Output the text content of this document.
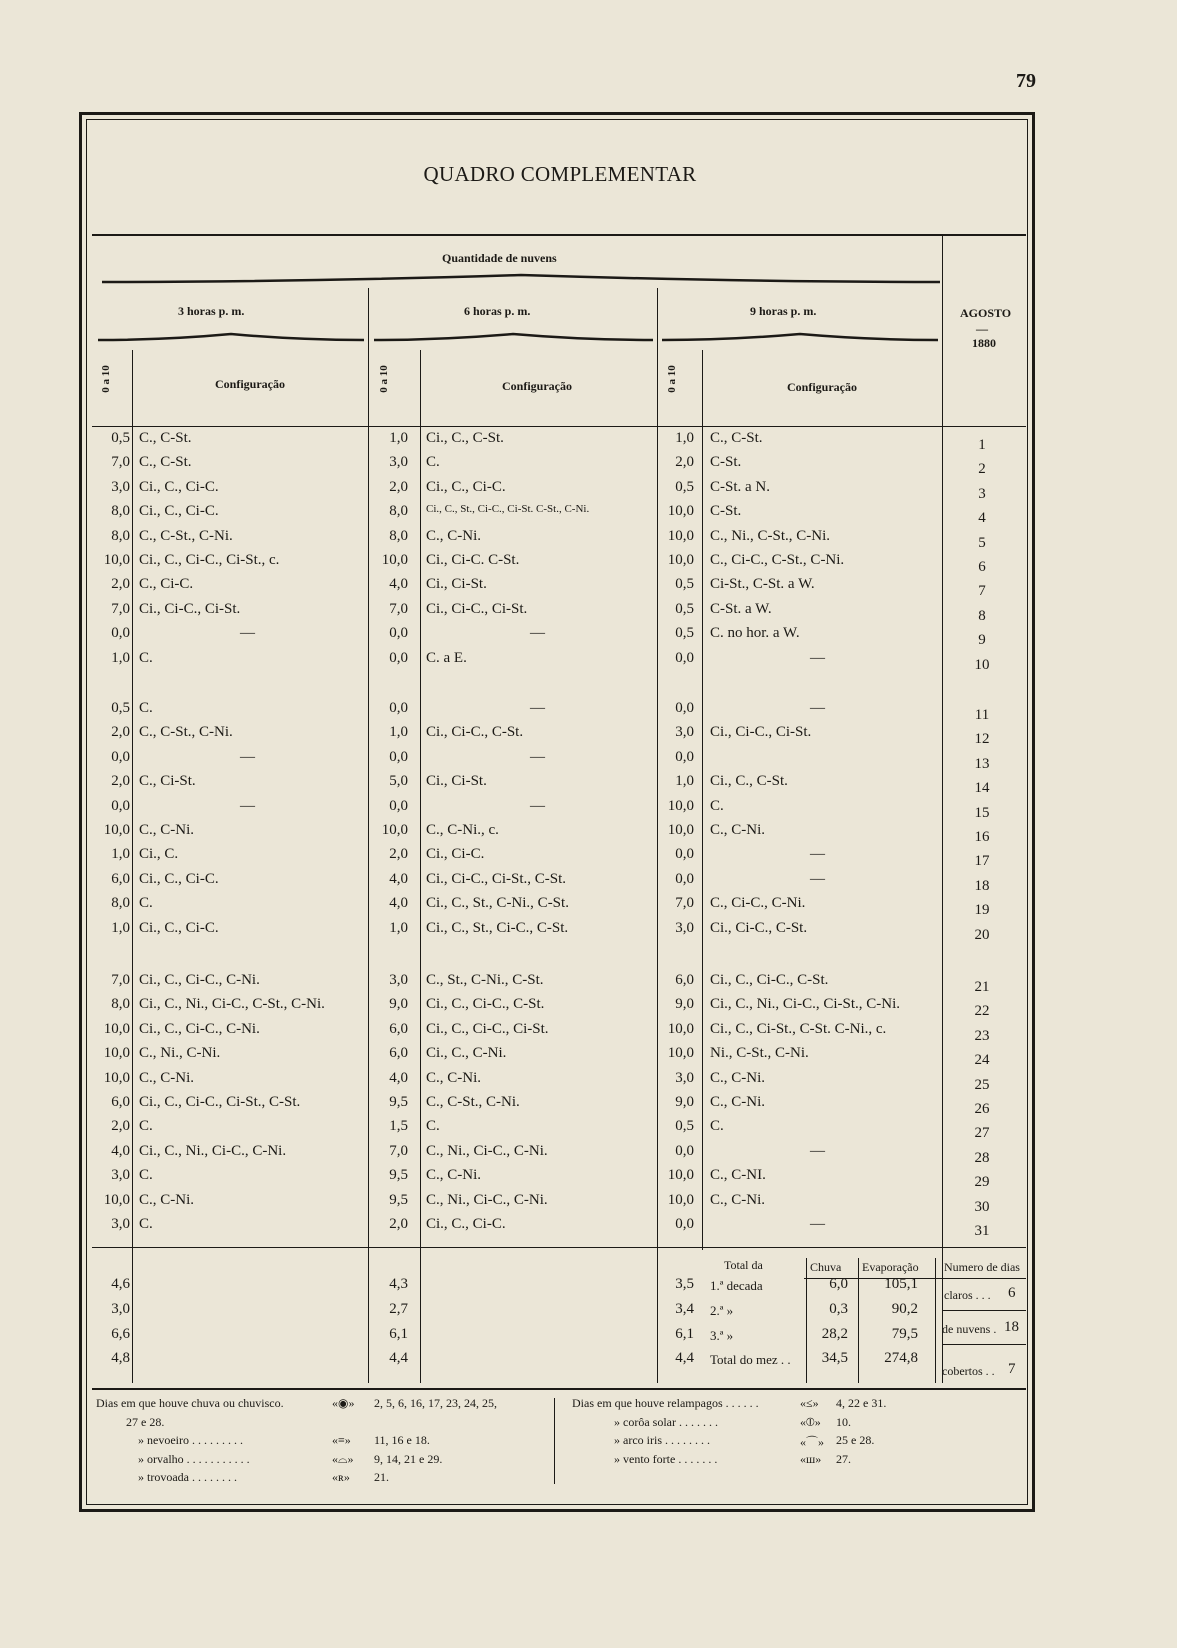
79
QUADRO COMPLEMENTAR
Quantidade de nuvens
3 horas p. m.	6 horas p. m.	9 horas p. m.	AGOSTO
—
1880
0 a 10	0 a 10	0 a 10
Configuração	Configuração	Configuração
0,5 C., C-St.	1,0 Ci., C., C-St.	1,0 C., C-St.	1
7,0 C., C-St.	3,0 C.	2,0 C-St.	2
3,0 Ci., C., Ci-C.	2,0 Ci., C., Ci-C.	0,5 C-St. a N.	3
8,0 Ci., C., Ci-C.	8,0 Ci., C., St., Ci-C., Ci-St. C-St., C-Ni.	10,0 C-St.	4
8,0 C., C-St., C-Ni.	8,0 C., C-Ni.	10,0 C., Ni., C-St., C-Ni.	5
10,0 Ci., C., Ci-C., Ci-St., c.	10,0 Ci., Ci-C. C-St.	10,0 C., Ci-C., C-St., C-Ni.	6
2,0 C., Ci-C.	4,0 Ci., Ci-St.	0,5 Ci-St., C-St. a W.	7
7,0 Ci., Ci-C., Ci-St.	7,0 Ci., Ci-C., Ci-St.	0,5 C-St. a W.	8
0,0	—	0,0	—	0,5 C. no hor. a W.	9
1,0 C.	0,0 C. a E.	0,0	—	10
0,5 C.	0,0	—	0,0	—	11
2,0 C., C-St., C-Ni.	1,0 Ci., Ci-C., C-St.	3,0 Ci., Ci-C., Ci-St.	12
0,0	—	0,0	—	0,0	13
2,0 C., Ci-St.	5,0 Ci., Ci-St.	1,0 Ci., C., C-St.	14
0,0	—	0,0	—	10,0 C.	15
10,0 C., C-Ni.	10,0 C., C-Ni., c.	10,0 C., C-Ni.	16
1,0 Ci., C.	2,0 Ci., Ci-C.	0,0	—	17
6,0 Ci., C., Ci-C.	4,0 Ci., Ci-C., Ci-St., C-St.	0,0	—	18
8,0 C.	4,0 Ci., C., St., C-Ni., C-St.	7,0 C., Ci-C., C-Ni.	19
1,0 Ci., C., Ci-C.	1,0 Ci., C., St., Ci-C., C-St.	3,0 Ci., Ci-C., C-St.	20
7,0 Ci., C., Ci-C., C-Ni.	3,0 C., St., C-Ni., C-St.	6,0 Ci., C., Ci-C., C-St.	21
8,0 Ci., C., Ni., Ci-C., C-St., C-Ni.	9,0 Ci., C., Ci-C., C-St.	9,0 Ci., C., Ni., Ci-C., Ci-St., C-Ni.	22
10,0 Ci., C., Ci-C., C-Ni.	6,0 Ci., C., Ci-C., Ci-St.	10,0 Ci., C., Ci-St., C-St. C-Ni., c.	23
10,0 C., Ni., C-Ni.	6,0 Ci., C., C-Ni.	10,0 Ni., C-St., C-Ni.	24
10,0 C., C-Ni.	4,0 C., C-Ni.	3,0 C., C-Ni.	25
6,0 Ci., C., Ci-C., Ci-St., C-St.	9,5 C., C-St., C-Ni.	9,0 C., C-Ni.	26
2,0 C.	1,5 C.	0,5 C.	27
4,0 Ci., C., Ni., Ci-C., C-Ni.	7,0 C., Ni., Ci-C., C-Ni.	0,0	—	28
3,0 C.	9,5 C., C-Ni.	10,0 C., C-NI.	29
10,0 C., C-Ni.	9,5 C., Ni., Ci-C., C-Ni.	10,0 C., C-Ni.	30
3,0 C.	2,0 Ci., C., Ci-C.	0,0	—	31
Total da	Chuva Evaporação Numero de dias
4,6	4,3	3,5 1.ª decada	6,0	105,1
3,0	2,7	3,4 2.ª »	0,3	90,2
6,6	6,1	6,1 3.ª »	28,2	79,5
4,8	4,4	4,4 Total do mez . .	34,5	274,8
claros . . . 6
de nuvens . 18
cobertos . . 7
Dias em que houve chuva ou chuvisco.	«◉» 2, 5, 6, 16, 17, 23, 24, 25,
27 e 28.
» nevoeiro . . . . . . . . .	«≡» 11, 16 e 18.
» orvalho . . . . . . . . . . .	«⌓» 9, 14, 21 e 29.
» trovoada . . . . . . . .	«ʀ» 21.
Dias em que houve relampagos . . . . . .	«≤» 4, 22 e 31.
» corôa solar . . . . . . .	«⦶» 10.
» arco iris . . . . . . . .	«⌒» 25 e 28.
» vento forte . . . . . . .	«ш» 27.
